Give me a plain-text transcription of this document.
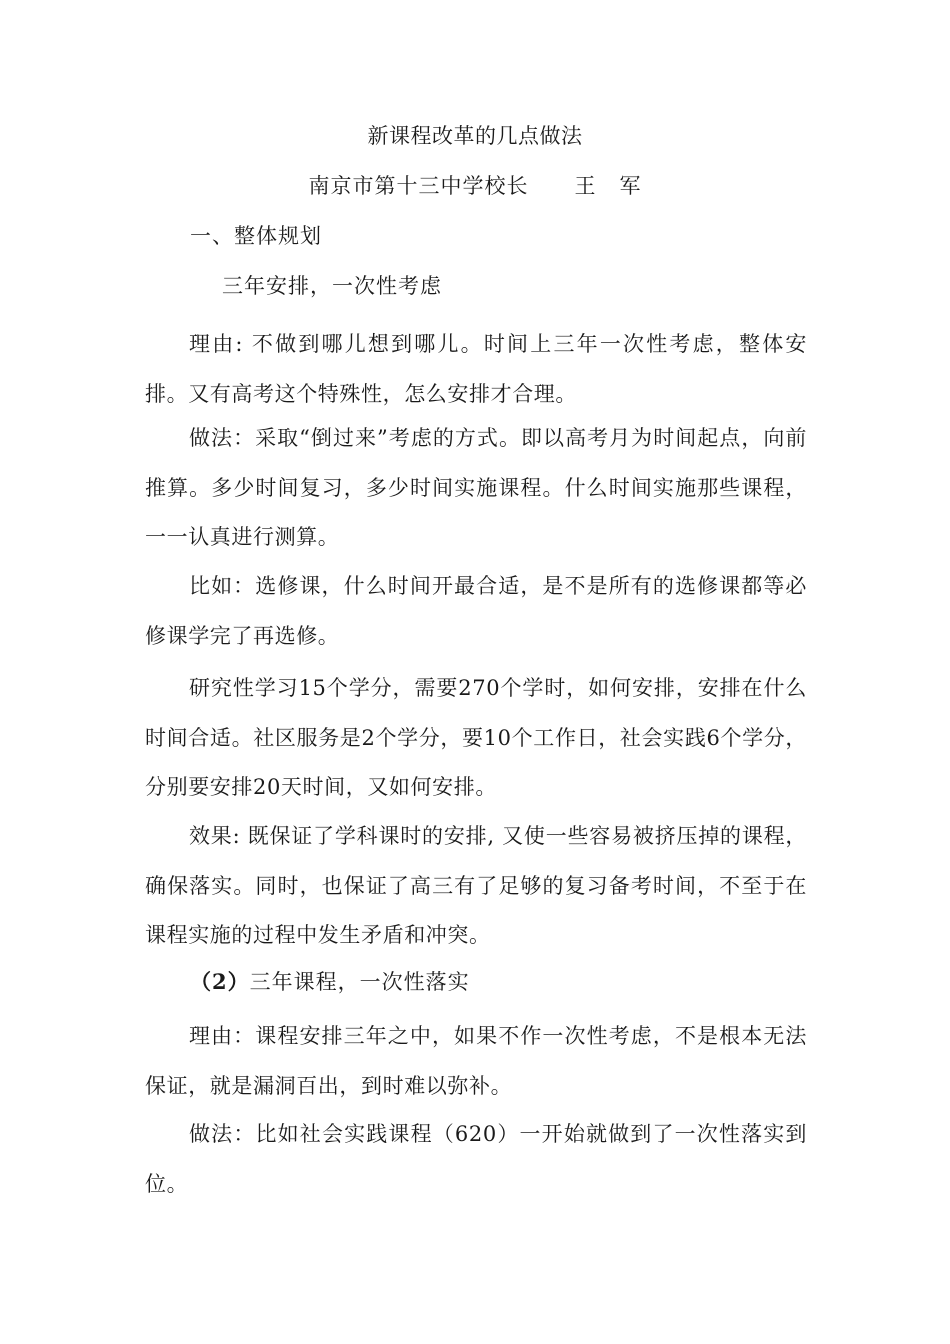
新课程改革的几点做法
南京市第十三中学校长      王   军
一、整体规划
三年安排，一次性考虑

理由: 不做到哪儿想到哪儿。时间上三年一次性考虑，整体安排。又有高考这个特殊性，怎么安排才合理。

做法：采取“倒过来”考虑的方式。即以高考月为时间起点，向前推算。多少时间复习，多少时间实施课程。什么时间实施那些课程，一一认真进行测算。

比如：选修课，什么时间开最合适，是不是所有的选修课都等必修课学完了再选修。

研究性学习15个学分，需要270个学时，如何安排，安排在什么时间合适。社区服务是2个学分，要10个工作日，社会实践6个学分，分别要安排20天时间，又如何安排。

效果: 既保证了学科课时的安排, 又使一些容易被挤压掉的课程，确保落实。同时，也保证了高三有了足够的复习备考时间，不至于在课程实施的过程中发生矛盾和冲突。

（2）三年课程，一次性落实

理由：课程安排三年之中，如果不作一次性考虑，不是根本无法保证，就是漏洞百出，到时难以弥补。

做法：比如社会实践课程（620）一开始就做到了一次性落实到位。
